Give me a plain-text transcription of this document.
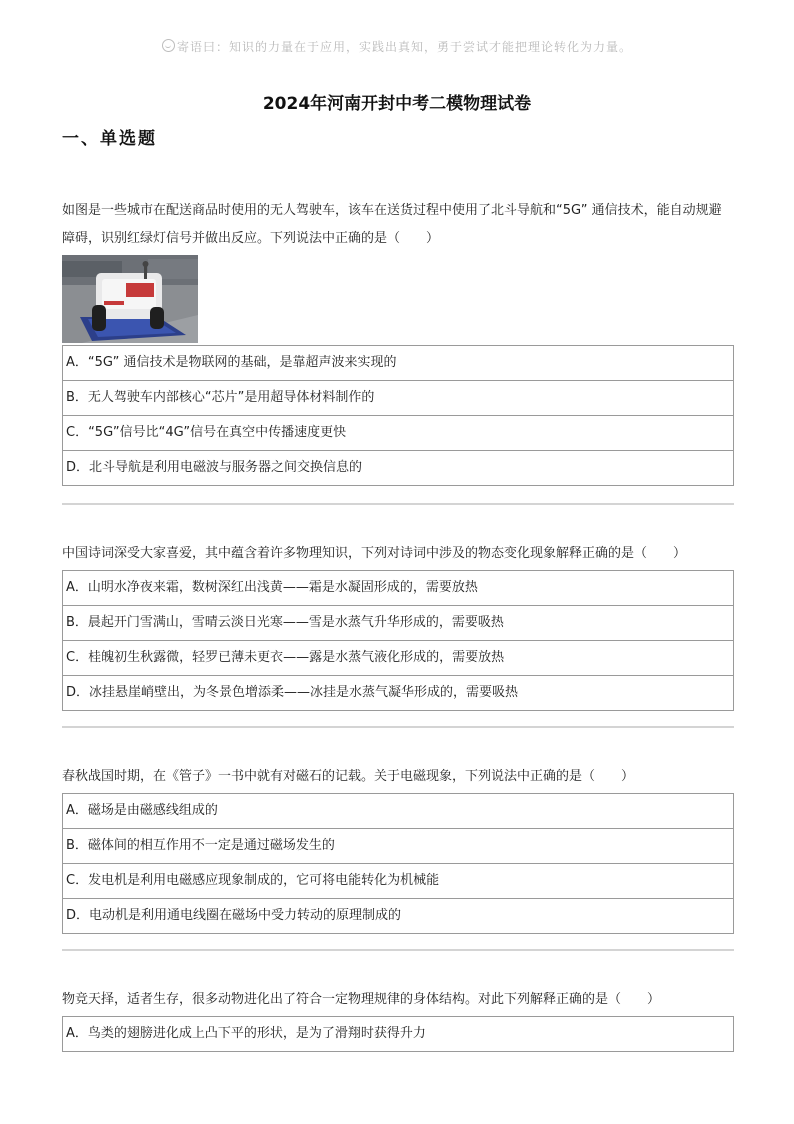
寄语曰：知识的力量在于应用，实践出真知，勇于尝试才能把理论转化为力量。
2024年河南开封中考二模物理试卷
一、单选题

如图是一些城市在配送商品时使用的无人驾驶车，该车在送货过程中使用了北斗导航和“5G” 通信技术，能自动规避障碍，识别红绿灯信号并做出反应。下列说法中正确的是（　　）

A．“5G” 通信技术是物联网的基础，是靠超声波来实现的
B．无人驾驶车内部核心“芯片”是用超导体材料制作的
C．“5G”信号比“4G”信号在真空中传播速度更快
D．北斗导航是利用电磁波与服务器之间交换信息的

中国诗词深受大家喜爱，其中蕴含着许多物理知识，下列对诗词中涉及的物态变化现象解释正确的是（　　）

A．山明水净夜来霜，数树深红出浅黄——霜是水凝固形成的，需要放热
B．晨起开门雪满山，雪晴云淡日光寒——雪是水蒸气升华形成的，需要吸热
C．桂魄初生秋露微，轻罗已薄未更衣——露是水蒸气液化形成的，需要放热
D．冰挂悬崖峭壁出，为冬景色增添柔——冰挂是水蒸气凝华形成的，需要吸热

春秋战国时期，在《管子》一书中就有对磁石的记载。关于电磁现象，下列说法中正确的是（　　）

A．磁场是由磁感线组成的
B．磁体间的相互作用不一定是通过磁场发生的
C．发电机是利用电磁感应现象制成的，它可将电能转化为机械能
D．电动机是利用通电线圈在磁场中受力转动的原理制成的

物竞天择，适者生存，很多动物进化出了符合一定物理规律的身体结构。对此下列解释正确的是（　　）

A．鸟类的翅膀进化成上凸下平的形状，是为了滑翔时获得升力
